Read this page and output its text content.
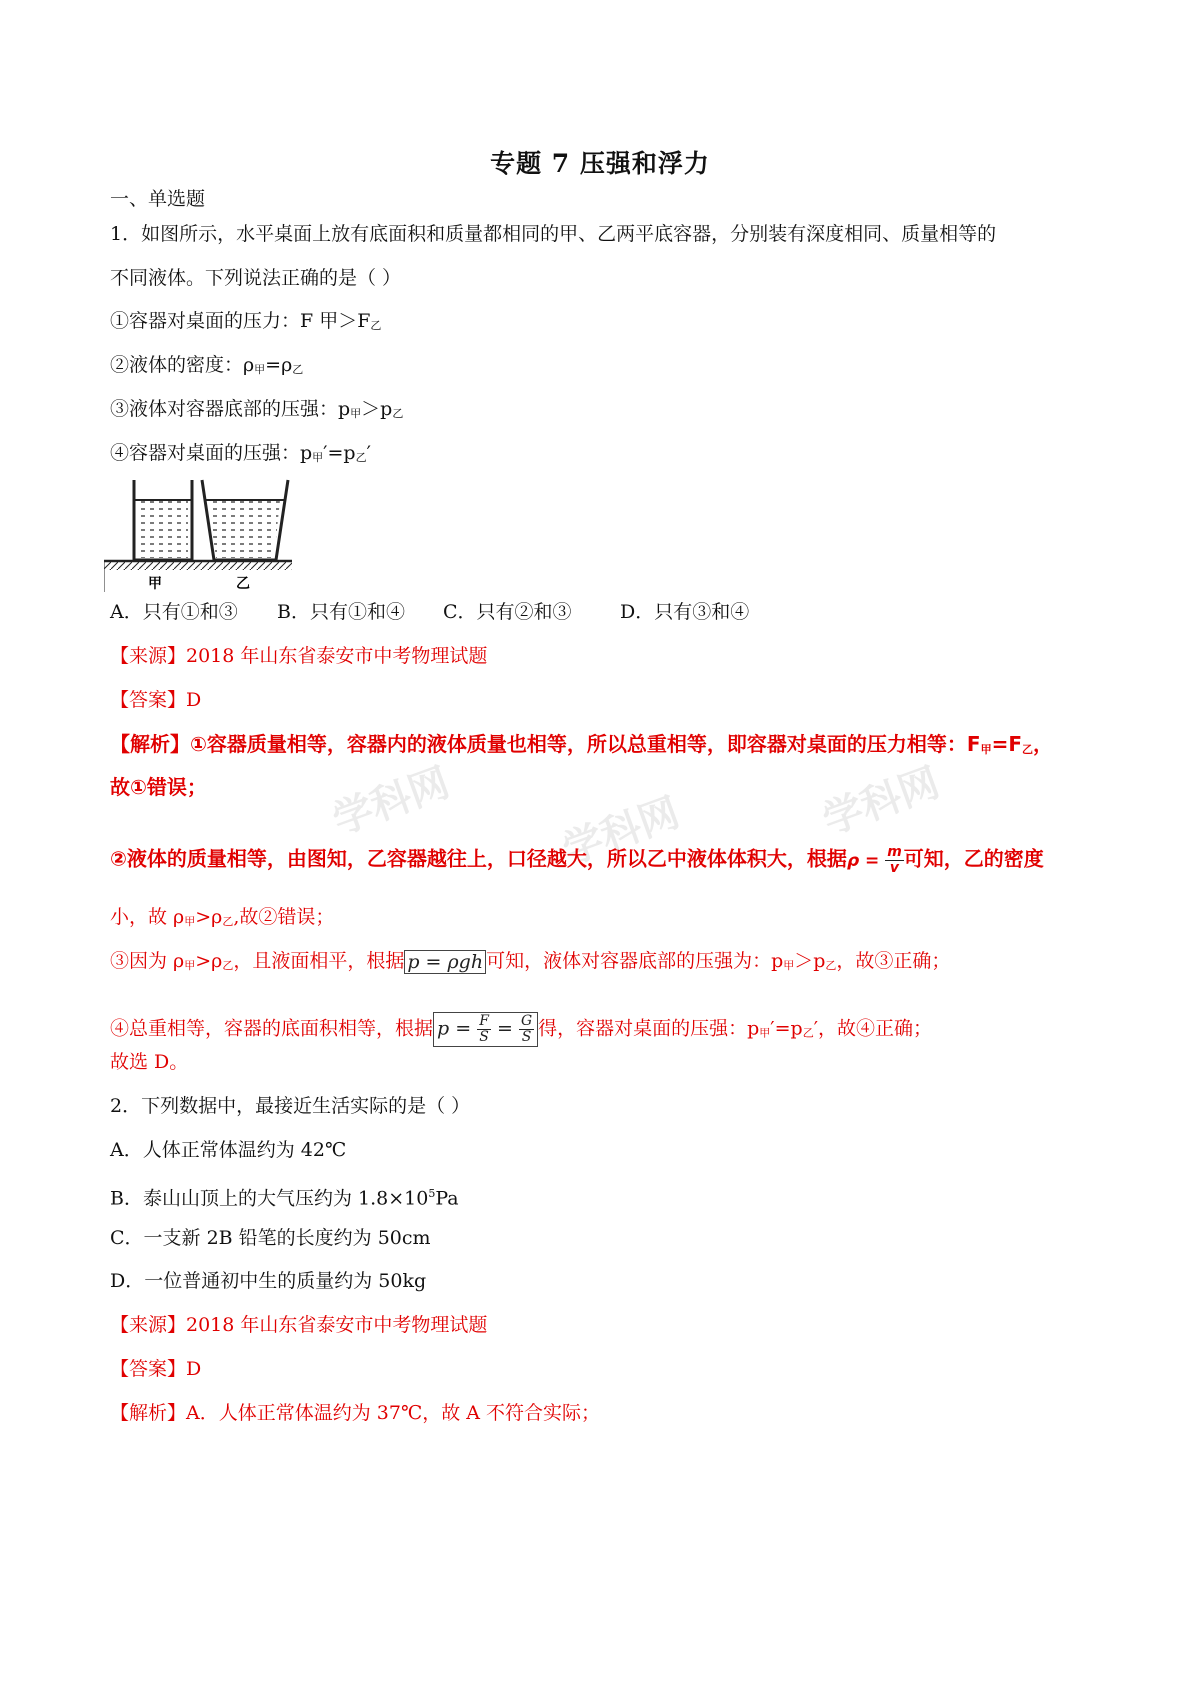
学科网	学科网	学科网
专题 7 压强和浮力
一、单选题
1．如图所示，水平桌面上放有底面积和质量都相同的甲、乙两平底容器，分别装有深度相同、质量相等的
不同液体。下列说法正确的是（ ）
①容器对桌面的压力：F 甲$>F_乙$
②液体的密度：$\rho_甲=\rho_乙$
③液体对容器底部的压强：$p_甲>p_乙$
④容器对桌面的压强：$p_甲'=p_乙'$
甲	乙
A．只有①和③ B．只有①和④ C．只有②和③	D．只有③和④
【来源】2018 年山东省泰安市中考物理试题
【答案】D
【解析】①容器质量相等，容器内的液体质量也相等，所以总重相等，即容器对桌面的压力相等：$F_甲=F_乙$，
故①错误；
②液体的质量相等，由图知，乙容器越往上，口径越大，所以乙中液体体积大，根据$\rho = \frac{m}{v}$ 可知，乙的密度
小，故 $\rho_甲>\rho_乙$,故②错误；
③因为 $\rho_甲>\rho_乙$，且液面相平，根据 p = ρgh 可知，液体对容器底部的压强为：$p_甲>p_乙$，故③正确；
④总重相等，容器的底面积相等，根据 $p = \frac{F}{S} = \frac{G}{S}$ 得，容器对桌面的压强：$p_甲'=p_乙'$，故④正确；
故选 D。
2．下列数据中，最接近生活实际的是（ ）
A．人体正常体温约为 42℃
B．泰山山顶上的大气压约为 $1.8\times 10^5Pa$
C．一支新 2B 铅笔的长度约为 50cm
D．一位普通初中生的质量约为 50kg
【来源】2018 年山东省泰安市中考物理试题
【答案】D
【解析】A．人体正常体温约为 37℃，故 A 不符合实际；
